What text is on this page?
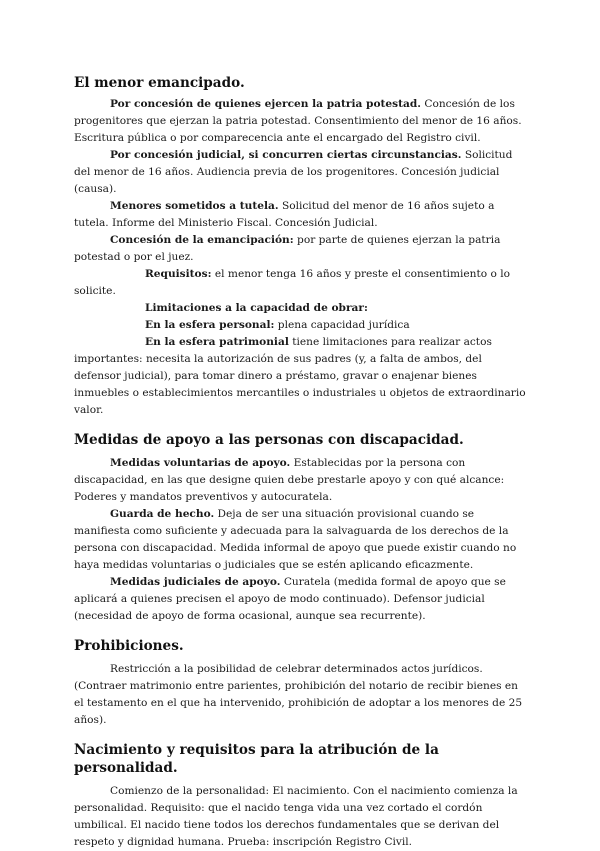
El menor emancipado.

Por concesión de quienes ejercen la patria potestad. Concesión de los progenitores que ejerzan la patria potestad. Consentimiento del menor de 16 años. Escritura pública o por comparecencia ante el encargado del Registro civil.

Por concesión judicial, si concurren ciertas circunstancias. Solicitud del menor de 16 años. Audiencia previa de los progenitores. Concesión judicial (causa).

Menores sometidos a tutela. Solicitud del menor de 16 años sujeto a tutela. Informe del Ministerio Fiscal. Concesión Judicial.

Concesión de la emancipación: por parte de quienes ejerzan la patria potestad o por el juez.

Requisitos: el menor tenga 16 años y preste el consentimiento o lo solicite.

Limitaciones a la capacidad de obrar:

En la esfera personal: plena capacidad jurídica

En la esfera patrimonial tiene limitaciones para realizar actos importantes: necesita la autorización de sus padres (y, a falta de ambos, del defensor judicial), para tomar dinero a préstamo, gravar o enajenar bienes inmuebles o establecimientos mercantiles o industriales u objetos de extraordinario valor.

Medidas de apoyo a las personas con discapacidad.

Medidas voluntarias de apoyo. Establecidas por la persona con discapacidad, en las que designe quien debe prestarle apoyo y con qué alcance: Poderes y mandatos preventivos y autocuratela.

Guarda de hecho. Deja de ser una situación provisional cuando se manifiesta como suficiente y adecuada para la salvaguarda de los derechos de la persona con discapacidad. Medida informal de apoyo que puede existir cuando no haya medidas voluntarias o judiciales que se estén aplicando eficazmente.

Medidas judiciales de apoyo. Curatela (medida formal de apoyo que se aplicará a quienes precisen el apoyo de modo continuado). Defensor judicial (necesidad de apoyo de forma ocasional, aunque sea recurrente).

Prohibiciones.

Restricción a la posibilidad de celebrar determinados actos jurídicos. (Contraer matrimonio entre parientes, prohibición del notario de recibir bienes en el testamento en el que ha intervenido, prohibición de adoptar a los menores de 25 años).

Nacimiento y requisitos para la atribución de la personalidad.

Comienzo de la personalidad: El nacimiento. Con el nacimiento comienza la personalidad. Requisito: que el nacido tenga vida una vez cortado el cordón umbilical. El nacido tiene todos los derechos fundamentales que se derivan del respeto y dignidad humana. Prueba: inscripción Registro Civil.
